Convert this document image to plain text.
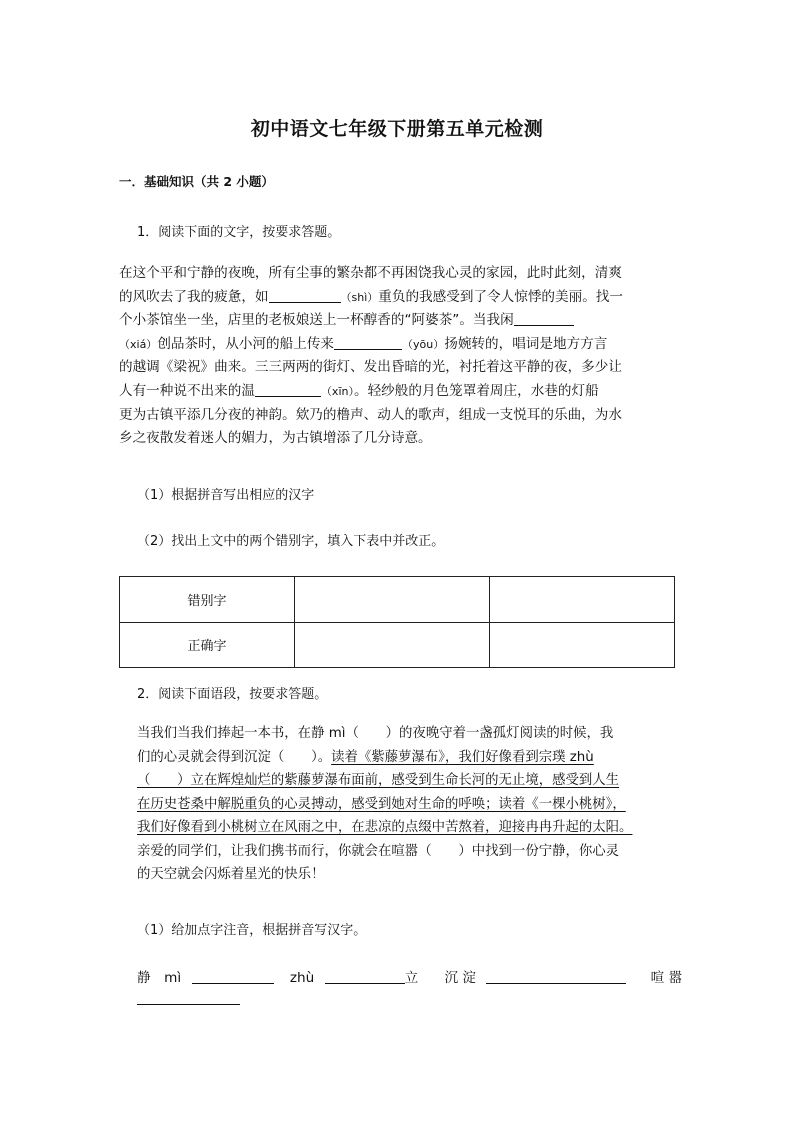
初中语文七年级下册第五单元检测
一．基础知识（共 2 小题）
1．阅读下面的文字，按要求答题。

在这个平和宁静的夜晚，所有尘事的繁杂都不再困饶我心灵的家园，此时此刻，清爽

的风吹去了我的疲惫，如	（shì）重负的我感受到了令人惊悸的美丽。找一

个小茶馆坐一坐，店里的老板娘送上一杯醇香的“阿婆茶”。当我闲

（xiá）创品茶时，从小河的船上传来	（yōu）扬婉转的，唱词是地方方言

的越调《梁祝》曲来。三三两两的街灯、发出昏暗的光，衬托着这平静的夜，多少让

人有一种说不出来的温	（xīn）。轻纱般的月色笼罩着周庄，水巷的灯船

更为古镇平添几分夜的神韵。欸乃的橹声、动人的歌声，组成一支悦耳的乐曲，为水

乡之夜散发着迷人的媚力，为古镇增添了几分诗意。

（1）根据拼音写出相应的汉字
（2）找出上文中的两个错别字，填入下表中并改正。
错别字		
正确字		
2．阅读下面语段，按要求答题。

当我们当我们捧起一本书，在静 mì（　　）的夜晚守着一盏孤灯阅读的时候，我

们的心灵就会得到沉淀（　　）。读着《紫藤萝瀑布》，我们好像看到宗璞 zhù

（　　）立在辉煌灿烂的紫藤萝瀑布面前，感受到生命长河的无止境，感受到人生

在历史苍桑中解脱重负的心灵搏动，感受到她对生命的呼唤；读着《一棵小桃树》，

我们好像看到小桃树立在风雨之中，在悲凉的点缀中苦熬着，迎接冉冉升起的太阳。

亲爱的同学们，让我们携书而行，你就会在喧嚣（　　）中找到一份宁静，你心灵

的天空就会闪烁着星光的快乐！

（1）给加点字注音，根据拼音写汉字。
静　mì	zhù	立 沉 淀	喧 嚣
